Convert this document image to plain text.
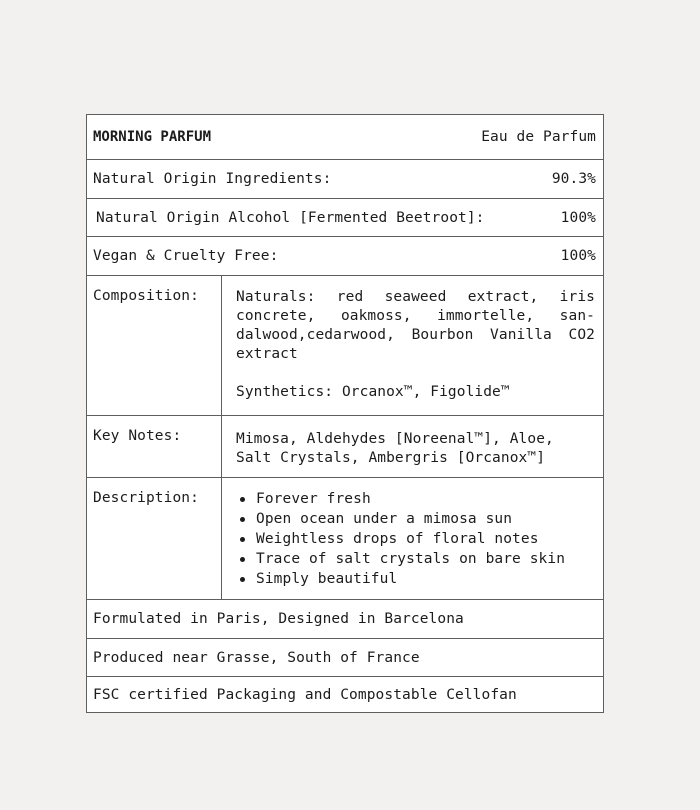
MORNING PARFUM	Eau de Parfum
Natural Origin Ingredients:	90.3%
Natural Origin Alcohol [Fermented Beetroot]:	100%
Vegan & Cruelty Free:	100%
Composition:	Naturals: red seaweed extract, iris concrete, oakmoss, immortelle, san-dalwood,cedarwood, Bourbon Vanilla CO2 extract
Synthetics: Orcanox™, Figolide™
Key Notes:	Mimosa, Aldehydes [Noreenal™], Aloe, Salt Crystals, Ambergris [Orcanox™]
Description:	Forever fresh
Open ocean under a mimosa sun
Weightless drops of floral notes
Trace of salt crystals on bare skin
Simply beautiful
Formulated in Paris, Designed in Barcelona
Produced near Grasse, South of France
FSC certified Packaging and Compostable Cellofan
